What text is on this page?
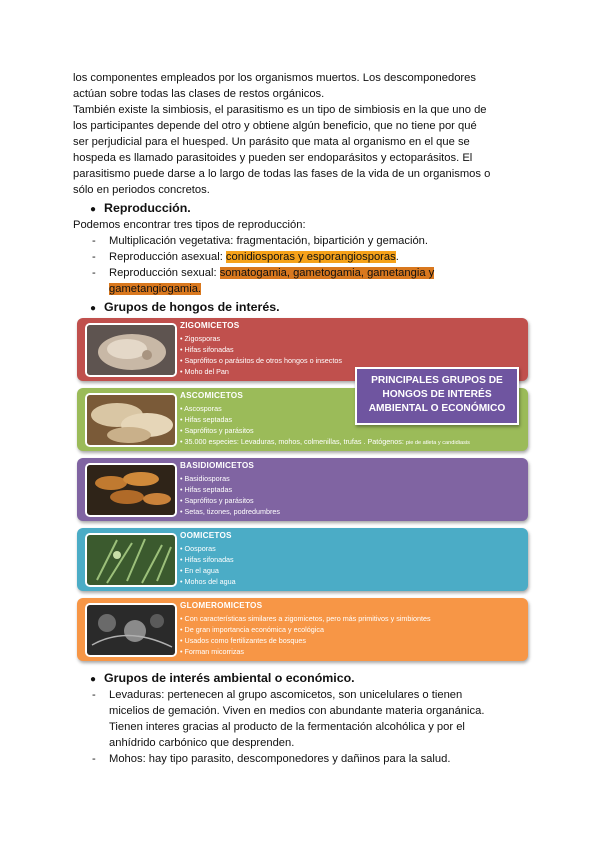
los componentes empleados por los organismos muertos. Los descomponedores
actúan sobre todas las clases de restos orgánicos.
También existe la simbiosis, el parasitismo es un tipo de simbiosis en la que uno de
los participantes depende del otro y obtiene algún beneficio, que no tiene por qué
ser perjudicial para el huesped. Un parásito que mata al organismo en el que se
hospeda es llamado parasitoides y pueden ser endoparásitos y ectoparásitos. El
parasitismo puede darse a lo largo de todas las fases de la vida de un organismos o
sólo en periodos concretos.
● Reproducción.
Podemos encontrar tres tipos de reproducción:
- Multiplicación vegetativa: fragmentación, bipartición y gemación.
- Reproducción asexual: conidiosporas y esporangiosporas.
- Reproducción sexual: somatogamia, gametogamia, gametangia y
gametangiogamia.
● Grupos de hongos de interés.
ZIGOMICETOS
• Zigosporas
• Hifas sifonadas
• Saprófitos o parásitos de otros hongos o insectos
• Moho del Pan
ASCOMICETOS
• Ascosporas
• Hifas septadas
• Saprófitos y parásitos
• 35.000 especies: Levaduras, mohos, colmenillas, trufas . Patógenos: pie de atleta y candidiasis
PRINCIPALES GRUPOS DE
HONGOS DE INTERÉS
AMBIENTAL O ECONÓMICO
BASIDIOMICETOS
• Basidiosporas
• Hifas septadas
• Saprófitos y parásitos
• Setas, tizones, podredumbres
OOMICETOS
• Oosporas
• Hifas sifonadas
• En el agua
• Mohos del agua
GLOMEROMICETOS
• Con características similares a zigomicetos, pero más primitivos y simbiontes
• De gran importancia económica y ecológica
• Usados como fertilizantes de bosques
• Forman micorrizas
● Grupos de interés ambiental o económico.
- Levaduras: pertenecen al grupo ascomicetos, son unicelulares o tienen
micelios de gemación. Viven en medios con abundante materia organánica.
Tienen interes gracias al producto de la fermentación alcohólica y por el
anhídrido carbónico que desprenden.
- Mohos: hay tipo parasito, descomponedores y dañinos para la salud.
